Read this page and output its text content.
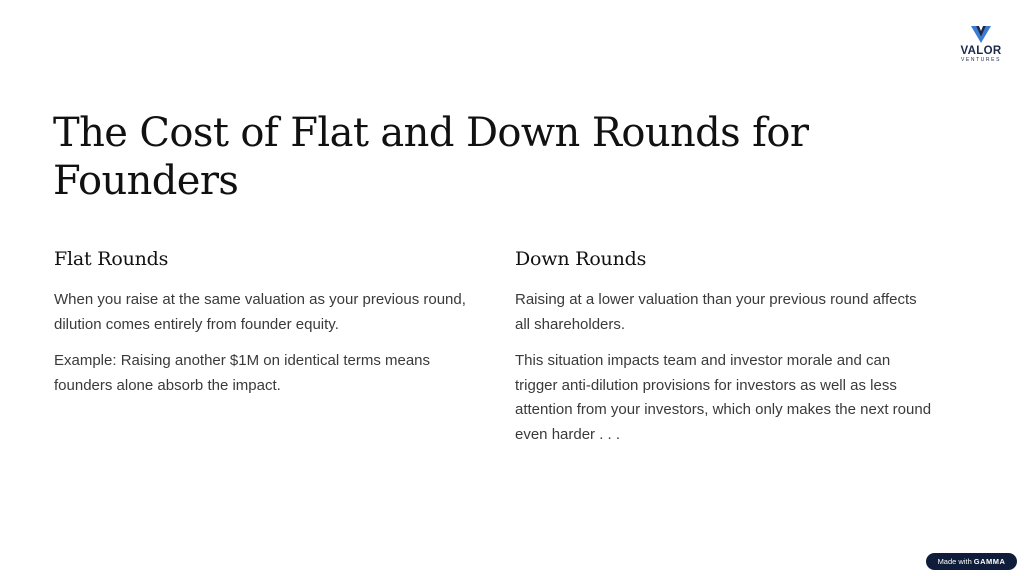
VALOR
VENTURES
The Cost of Flat and Down Rounds for Founders
Flat Rounds

When you raise at the same valuation as your previous round, dilution comes entirely from founder equity.

Example: Raising another $1M on identical terms means founders alone absorb the impact.

Down Rounds

Raising at a lower valuation than your previous round affects all shareholders.

This situation impacts team and investor morale and can trigger anti-dilution provisions for investors as well as less attention from your investors, which only makes the next round even harder . . .

Made with GAMMA
